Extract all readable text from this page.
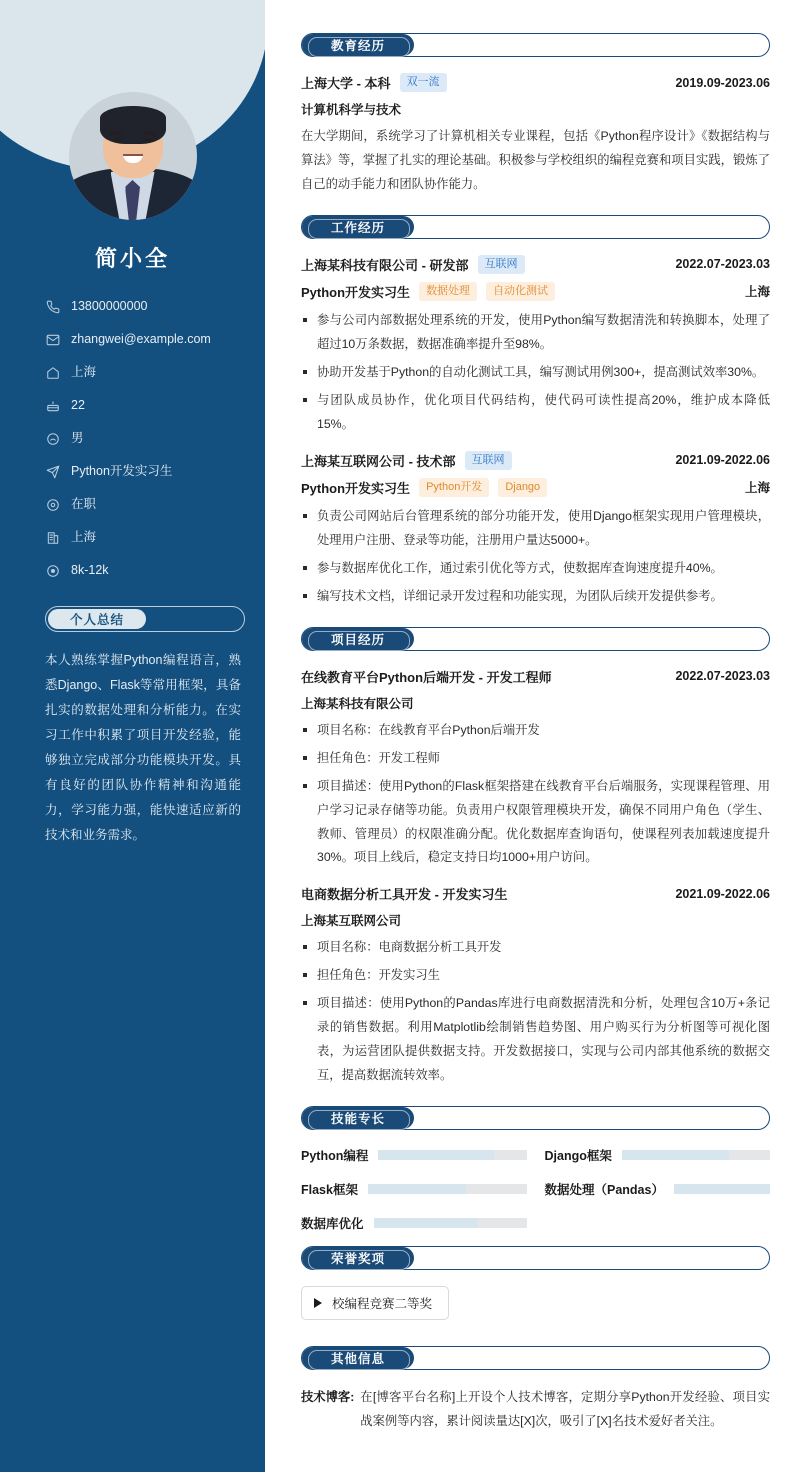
简小全
13800000000
zhangwei@example.com
上海
22
男
Python开发实习生
在职
上海
8k-12k
个人总结
本人熟练掌握Python编程语言，熟悉Django、Flask等常用框架，具备扎实的数据处理和分析能力。在实习工作中积累了项目开发经验，能够独立完成部分功能模块开发。具有良好的团队协作精神和沟通能力，学习能力强，能快速适应新的技术和业务需求。
教育经历
上海大学 - 本科	双一流	2019.09-2023.06
计算机科学与技术
在大学期间，系统学习了计算机相关专业课程，包括《Python程序设计》《数据结构与算法》等，掌握了扎实的理论基础。积极参与学校组织的编程竞赛和项目实践，锻炼了自己的动手能力和团队协作能力。
工作经历
上海某科技有限公司 - 研发部	互联网	2022.07-2023.03
Python开发实习生	数据处理	自动化测试	上海
参与公司内部数据处理系统的开发，使用Python编写数据清洗和转换脚本，处理了超过10万条数据，数据准确率提升至98%。
协助开发基于Python的自动化测试工具，编写测试用例300+，提高测试效率30%。
与团队成员协作，优化项目代码结构，使代码可读性提高20%，维护成本降低15%。
上海某互联网公司 - 技术部	互联网	2021.09-2022.06
Python开发实习生	Python开发	Django	上海
负责公司网站后台管理系统的部分功能开发，使用Django框架实现用户管理模块，处理用户注册、登录等功能，注册用户量达5000+。
参与数据库优化工作，通过索引优化等方式，使数据库查询速度提升40%。
编写技术文档，详细记录开发过程和功能实现，为团队后续开发提供参考。
项目经历
在线教育平台Python后端开发 - 开发工程师	2022.07-2023.03
上海某科技有限公司
项目名称：在线教育平台Python后端开发
担任角色：开发工程师
项目描述：使用Python的Flask框架搭建在线教育平台后端服务，实现课程管理、用户学习记录存储等功能。负责用户权限管理模块开发，确保不同用户角色（学生、教师、管理员）的权限准确分配。优化数据库查询语句，使课程列表加载速度提升30%。项目上线后，稳定支持日均1000+用户访问。
电商数据分析工具开发 - 开发实习生	2021.09-2022.06
上海某互联网公司
项目名称：电商数据分析工具开发
担任角色：开发实习生
项目描述：使用Python的Pandas库进行电商数据清洗和分析，处理包含10万+条记录的销售数据。利用Matplotlib绘制销售趋势图、用户购买行为分析图等可视化图表，为运营团队提供数据支持。开发数据接口，实现与公司内部其他系统的数据交互，提高数据流转效率。
技能专长
Python编程	Django框架
Flask框架	数据处理（Pandas）
数据库优化
荣誉奖项
校编程竞赛二等奖
其他信息
技术博客: 在[博客平台名称]上开设个人技术博客，定期分享Python开发经验、项目实战案例等内容，累计阅读量达[X]次，吸引了[X]名技术爱好者关注。
